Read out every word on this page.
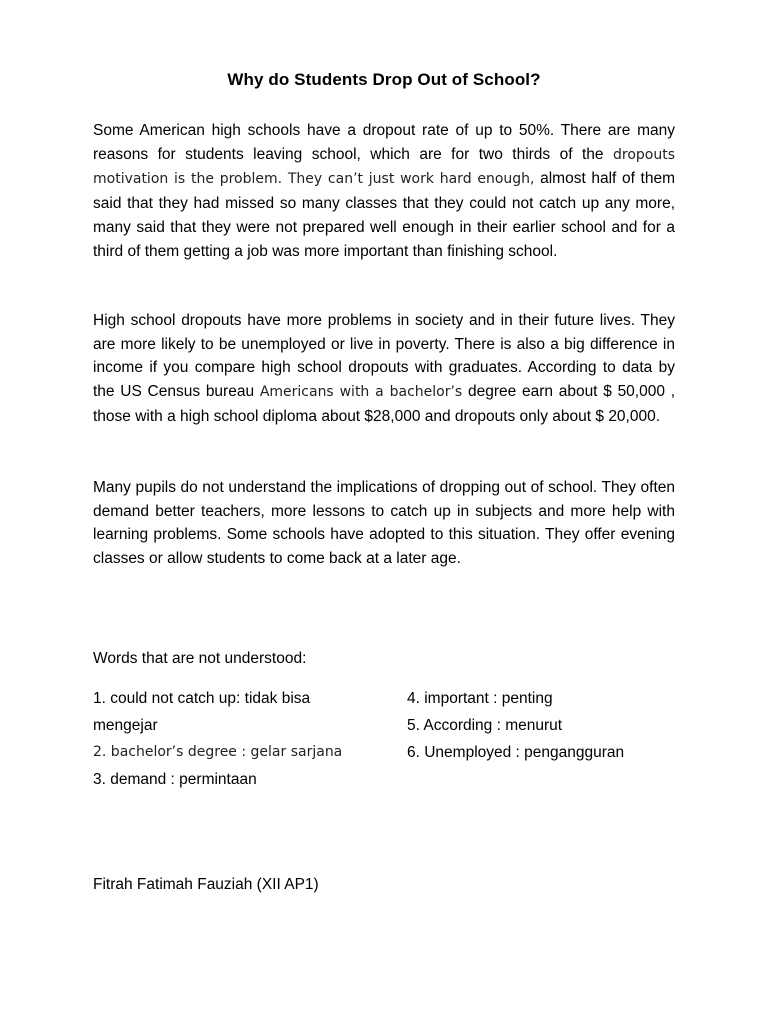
Why do Students Drop Out of School?

Some American high schools have a dropout rate of up to 50%. There are many reasons for students leaving school, which are for two thirds of the dropouts motivation is the problem. They can’t just work hard enough, almost half of them said that they had missed so many classes that they could not catch up any more, many said that they were not prepared well enough in their earlier school and for a third of them getting a job was more important than finishing school.

High school dropouts have more problems in society and in their future lives. They are more likely to be unemployed or live in poverty. There is also a big difference in income if you compare high school dropouts with graduates. According to data by the US Census bureau Americans with a bachelor’s degree earn about $ 50,000 , those with a high school diploma about $28,000 and dropouts only about $ 20,000.

Many pupils do not understand the implications of dropping out of school. They often demand better teachers, more lessons to catch up in subjects and more help with learning problems. Some schools have adopted to this situation. They offer evening classes or allow students to come back at a later age.

Words that are not understood:
1. could not catch up: tidak bisa
mengejar
2. bachelor’s degree : gelar sarjana
3. demand : permintaan
4. important : penting
5. According : menurut
6. Unemployed : pengangguran
Fitrah Fatimah Fauziah (XII AP1)
